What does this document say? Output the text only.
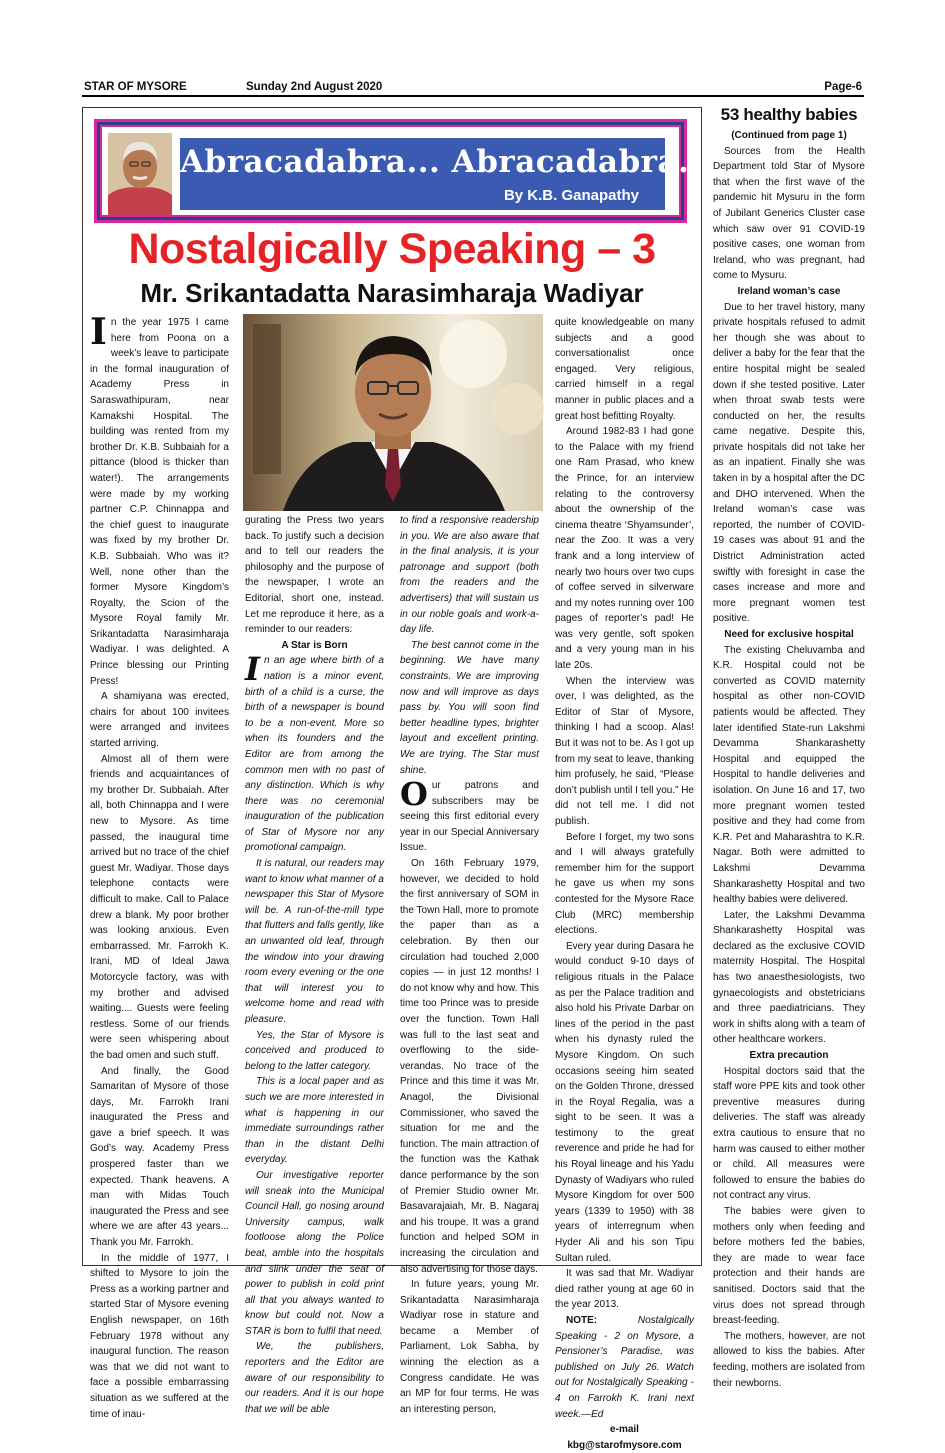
STAR OF MYSORE	Sunday 2nd August 2020	Page-6
Abracadabra... Abracadabra...
By K.B. Ganapathy
Nostalgically Speaking – 3
Mr. Srikantadatta Narasimharaja Wadiyar

In the year 1975 I came here from Poona on a week’s leave to participate in the formal inauguration of Academy Press in Saraswathipuram, near Kamakshi Hospital. The building was rented from my brother Dr. K.B. Subbaiah for a pittance (blood is thicker than water!). The arrangements were made by my working partner C.P. Chinnappa and the chief guest to inaugurate was fixed by my brother Dr. K.B. Subbaiah. Who was it? Well, none other than the former Mysore Kingdom’s Royalty, the Scion of the Mysore Royal family Mr. Srikantadatta Narasimharaja Wadiyar. I was delighted. A Prince blessing our Printing Press!

A shamiyana was erected, chairs for about 100 invitees were arranged and invitees started arriving.

Almost all of them were friends and acquaintances of my brother Dr. Subbaiah. After all, both Chinnappa and I were new to Mysore. As time passed, the inaugural time arrived but no trace of the chief guest Mr. Wadiyar. Those days telephone contacts were difficult to make. Call to Palace drew a blank. My poor brother was looking anxious. Even embarrassed. Mr. Farrokh K. Irani, MD of Ideal Jawa Motorcycle factory, was with my brother and advised waiting.... Guests were feeling restless. Some of our friends were seen whispering about the bad omen and such stuff.

And finally, the Good Samaritan of Mysore of those days, Mr. Farrokh Irani inaugurated the Press and gave a brief speech. It was God’s way. Academy Press prospered faster than we expected. Thank heavens. A man with Midas Touch inaugurated the Press and see where we are after 43 years... Thank you Mr. Farrokh.

In the middle of 1977, I shifted to Mysore to join the Press as a working partner and started Star of Mysore evening English newspaper, on 16th February 1978 without any inaugural function. The reason was that we did not want to face a possible embarrassing situation as we suffered at the time of inau-

gurating the Press two years back. To justify such a decision and to tell our readers the philosophy and the purpose of the newspaper, I wrote an Editorial, short one, instead. Let me reproduce it here, as a reminder to our readers:

A Star is Born

In an age where birth of a nation is a minor event, birth of a child is a curse, the birth of a newspaper is bound to be a non-event. More so when its founders and the Editor are from among the common men with no past of any distinction. Which is why there was no ceremonial inauguration of the publication of Star of Mysore nor any promotional campaign.

It is natural, our readers may want to know what manner of a newspaper this Star of Mysore will be. A run-of-the-mill type that flutters and falls gently, like an unwanted old leaf, through the window into your drawing room every evening or the one that will interest you to welcome home and read with pleasure.

Yes, the Star of Mysore is conceived and produced to belong to the latter category.

This is a local paper and as such we are more interested in what is happening in our immediate surroundings rather than in the distant Delhi everyday.

Our investigative reporter will sneak into the Municipal Council Hall, go nosing around University campus, walk footloose along the Police beat, amble into the hospitals and slink under the seat of power to publish in cold print all that you always wanted to know but could not. Now a STAR is born to fulfil that need.

We, the publishers, reporters and the Editor are aware of our responsibility to our readers. And it is our hope that we will be able

to find a responsive readership in you. We are also aware that in the final analysis, it is your patronage and support (both from the readers and the advertisers) that will sustain us in our noble goals and work-a-day life.

The best cannot come in the beginning. We have many constraints. We are improving now and will improve as days pass by. You will soon find better headline types, brighter layout and excellent printing. We are trying. The Star must shine.

Our patrons and subscribers may be seeing this first editorial every year in our Special Anniversary Issue.

On 16th February 1979, however, we decided to hold the first anniversary of SOM in the Town Hall, more to promote the paper than as a celebration. By then our circulation had touched 2,000 copies — in just 12 months! I do not know why and how. This time too Prince was to preside over the function. Town Hall was full to the last seat and overflowing to the side-verandas. No trace of the Prince and this time it was Mr. Anagol, the Divisional Commissioner, who saved the situation for me and the function. The main attraction of the function was the Kathak dance performance by the son of Premier Studio owner Mr. Basavarajaiah, Mr. B. Nagaraj and his troupe. It was a grand function and helped SOM in increasing the circulation and also advertising for those days.

In future years, young Mr. Srikantadatta Narasimharaja Wadiyar rose in stature and became a Member of Parliament, Lok Sabha, by winning the election as a Congress candidate. He was an MP for four terms. He was an interesting person,

quite knowledgeable on many subjects and a good conversationalist once engaged. Very religious, carried himself in a regal manner in public places and a great host befitting Royalty.

Around 1982-83 I had gone to the Palace with my friend one Ram Prasad, who knew the Prince, for an interview relating to the controversy about the ownership of the cinema theatre ‘Shyamsunder’, near the Zoo. It was a very frank and a long interview of nearly two hours over two cups of coffee served in silverware and my notes running over 100 pages of reporter’s pad! He was very gentle, soft spoken and a very young man in his late 20s.

When the interview was over, I was delighted, as the Editor of Star of Mysore, thinking I had a scoop. Alas! But it was not to be. As I got up from my seat to leave, thanking him profusely, he said, “Please don’t publish until I tell you.” He did not tell me. I did not publish.

Before I forget, my two sons and I will always gratefully remember him for the support he gave us when my sons contested for the Mysore Race Club (MRC) membership elections.

Every year during Dasara he would conduct 9-10 days of religious rituals in the Palace as per the Palace tradition and also hold his Private Darbar on lines of the period in the past when his dynasty ruled the Mysore Kingdom. On such occasions seeing him seated on the Golden Throne, dressed in the Royal Regalia, was a sight to be seen. It was a testimony to the great reverence and pride he had for his Royal lineage and his Yadu Dynasty of Wadiyars who ruled Mysore Kingdom for over 500 years (1339 to 1950) with 38 years of interregnum when Hyder Ali and his son Tipu Sultan ruled.

It was sad that Mr. Wadiyar died rather young at age 60 in the year 2013.

NOTE:	Nostalgically Speaking - 2 on Mysore, a Pensioner’s Paradise, was published on July 26. Watch out for Nostalgically Speaking - 4 on Farrokh K. Irani next week.—Ed

e-mail

kbg@starofmysore.com

53 healthy babies

(Continued from page 1)

Sources from the Health Department told Star of Mysore that when the first wave of the pandemic hit Mysuru in the form of Jubilant Generics Cluster case which saw over 91 COVID-19 positive cases, one woman from Ireland, who was pregnant, had come to Mysuru.

Ireland woman’s case

Due to her travel history, many private hospitals refused to admit her though she was about to deliver a baby for the fear that the entire hospital might be sealed down if she tested positive. Later when throat swab tests were conducted on her, the results came negative. Despite this, private hospitals did not take her as an inpatient. Finally she was taken in by a hospital after the DC and DHO intervened. When the Ireland woman’s case was reported, the number of COVID-19 cases was about 91 and the District Administration acted swiftly with foresight in case the cases increase and more and more pregnant women test positive.

Need for exclusive hospital

The existing Cheluvamba and K.R. Hospital could not be converted as COVID maternity hospital as other non-COVID patients would be affected. They later identified State-run Lakshmi Devamma Shankarashetty Hospital and equipped the Hospital to handle deliveries and isolation. On June 16 and 17, two more pregnant women tested positive and they had come from K.R. Pet and Maharashtra to K.R. Nagar. Both were admitted to Lakshmi Devamma Shankarashetty Hospital and two healthy babies were delivered.

Later, the Lakshmi Devamma Shankarashetty Hospital was declared as the exclusive COVID maternity Hospital. The Hospital has two anaesthesiologists, two gynaecologists and obstetricians and three paediatricians. They work in shifts along with a team of other healthcare workers.

Extra precaution

Hospital doctors said that the staff wore PPE kits and took other preventive measures during deliveries. The staff was already extra cautious to ensure that no harm was caused to either mother or child. All measures were followed to ensure the babies do not contract any virus.

The babies were given to mothers only when feeding and before mothers fed the babies, they are made to wear face protection and their hands are sanitised. Doctors said that the virus does not spread through breast-feeding.

The mothers, however, are not allowed to kiss the babies. After feeding, mothers are isolated from their newborns.
